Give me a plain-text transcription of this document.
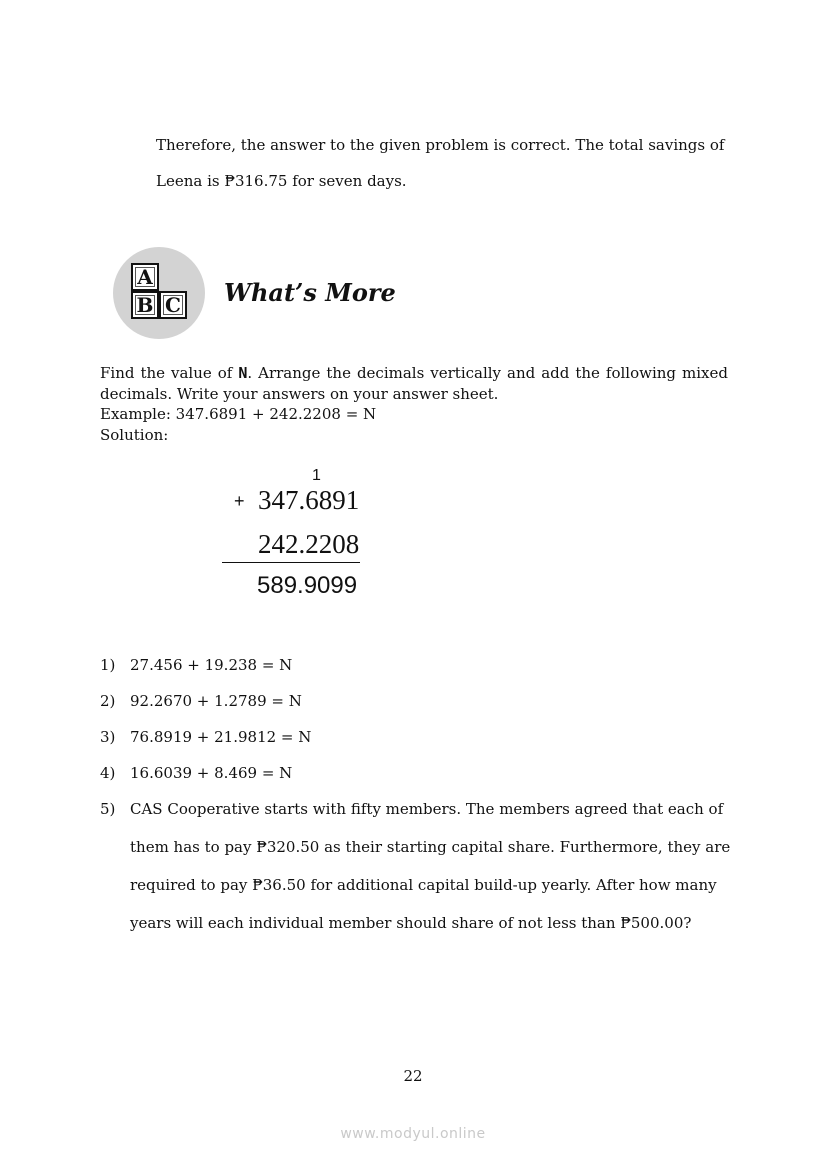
Therefore, the answer to the given problem is correct. The total savings of
Leena is ₱316.75 for seven days.
A
B C What’s More
Find the value of N. Arrange the decimals vertically and add the following mixed decimals. Write your answers on your answer sheet.
Example: 347.6891 + 242.2208 = N
Solution:
1
+ 347.6891
242.2208
589.9099
1) 27.456 + 19.238 = N
2) 92.2670 + 1.2789 = N
3) 76.8919 + 21.9812 = N
4) 16.6039 + 8.469 = N
5) CAS Cooperative starts with fifty members. The members agreed that each of
them has to pay ₱320.50 as their starting capital share. Furthermore, they are
required to pay ₱36.50 for additional capital build-up yearly. After how many
years will each individual member should share of not less than ₱500.00?
22
www.modyul.online
